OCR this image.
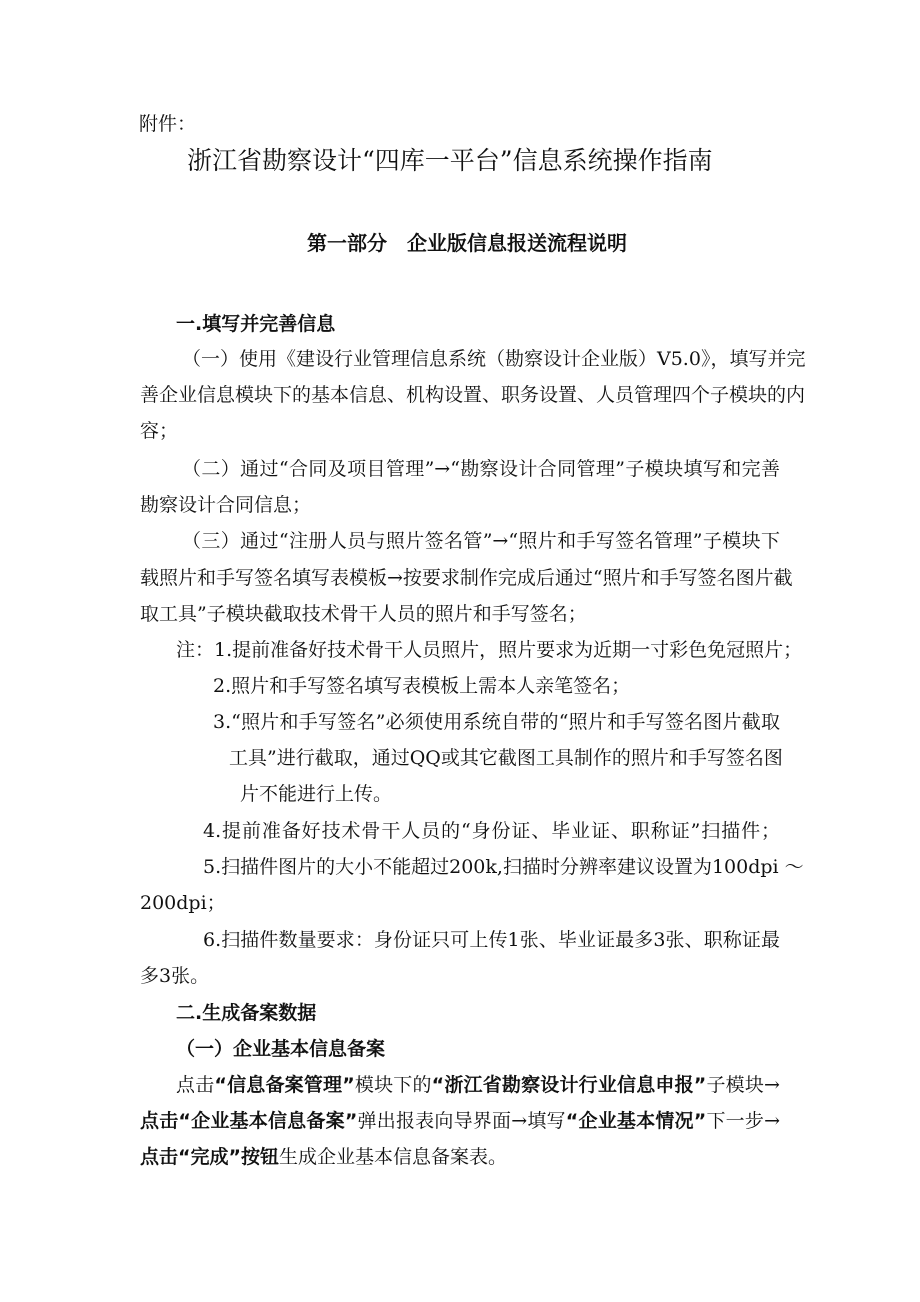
附件：
浙江省勘察设计“四库一平台”信息系统操作指南
第一部分　企业版信息报送流程说明
一.填写并完善信息
（一）使用《建设行业管理信息系统（勘察设计企业版）V5.0》，填写并完
善企业信息模块下的基本信息、机构设置、职务设置、人员管理四个子模块的内
容；
（二）通过“合同及项目管理”→“勘察设计合同管理”子模块填写和完善
勘察设计合同信息；
（三）通过“注册人员与照片签名管”→“照片和手写签名管理”子模块下
载照片和手写签名填写表模板→按要求制作完成后通过“照片和手写签名图片截
取工具”子模块截取技术骨干人员的照片和手写签名；
注：1.提前准备好技术骨干人员照片，照片要求为近期一寸彩色免冠照片；
2.照片和手写签名填写表模板上需本人亲笔签名；
3.“照片和手写签名”必须使用系统自带的“照片和手写签名图片截取
工具”进行截取，通过QQ或其它截图工具制作的照片和手写签名图
片不能进行上传。
4.提前准备好技术骨干人员的“身份证、毕业证、职称证”扫描件；
5.扫描件图片的大小不能超过200k,扫描时分辨率建议设置为100dpi ～
200dpi；
6.扫描件数量要求：身份证只可上传1张、毕业证最多3张、职称证最
多3张。
二.生成备案数据
（一）企业基本信息备案
点击“信息备案管理”模块下的“浙江省勘察设计行业信息申报”子模块→
点击“企业基本信息备案”弹出报表向导界面→填写“企业基本情况”下一步→
点击“完成”按钮生成企业基本信息备案表。
